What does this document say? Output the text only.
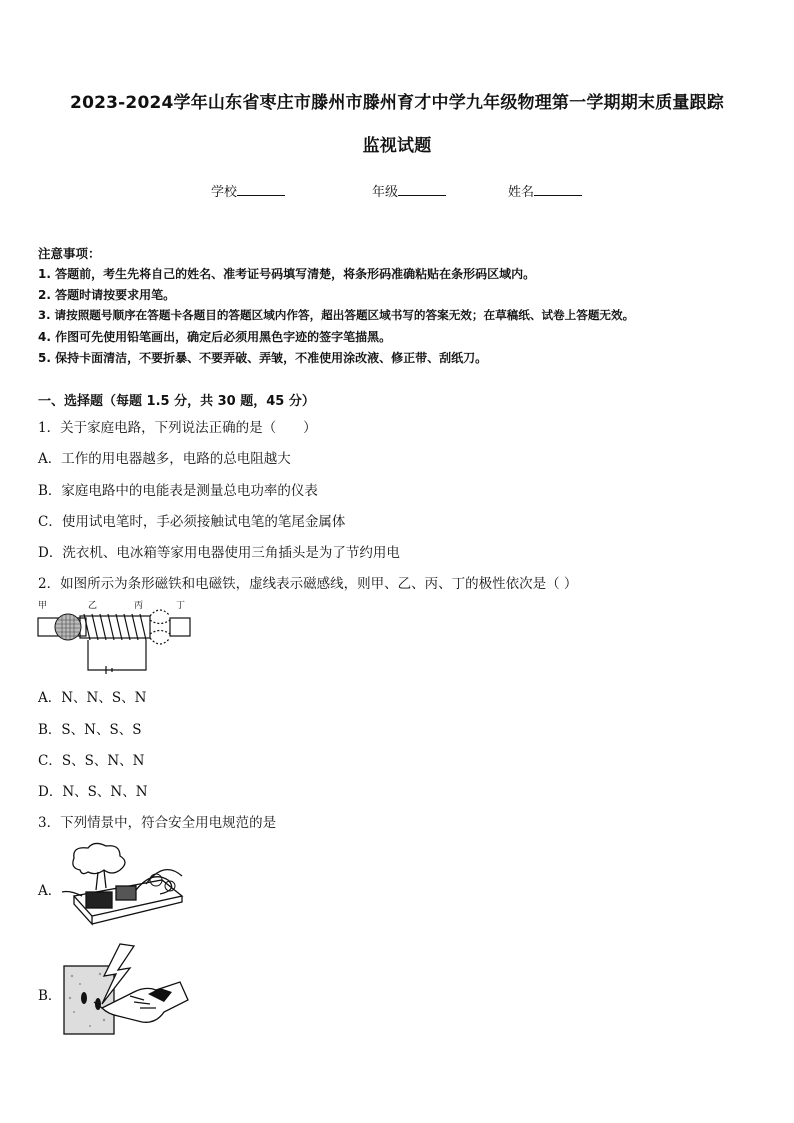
2023-2024学年山东省枣庄市滕州市滕州育才中学九年级物理第一学期期末质量跟踪
监视试题
学校	年级	姓名
注意事项：
1. 答题前，考生先将自己的姓名、准考证号码填写清楚，将条形码准确粘贴在条形码区域内。
2. 答题时请按要求用笔。
3. 请按照题号顺序在答题卡各题目的答题区域内作答，超出答题区域书写的答案无效；在草稿纸、试卷上答题无效。
4. 作图可先使用铅笔画出，确定后必须用黑色字迹的签字笔描黑。
5. 保持卡面清洁，不要折暴、不要弄破、弄皱，不准使用涂改液、修正带、刮纸刀。
一、选择题（每题 1.5 分，共 30 题，45 分）
1．关于家庭电路，下列说法正确的是（　　）
A．工作的用电器越多，电路的总电阻越大
B．家庭电路中的电能表是测量总电功率的仪表
C．使用试电笔时，手必须接触试电笔的笔尾金属体
D．洗衣机、电冰箱等家用电器使用三角插头是为了节约用电
2．如图所示为条形磁铁和电磁铁，虚线表示磁感线，则甲、乙、丙、丁的极性依次是（ ）
甲	乙	丙	丁
A．N、N、S、N
B．S、N、S、S
C．S、S、N、N
D．N、S、N、N
3．下列情景中，符合安全用电规范的是
A．
B．
